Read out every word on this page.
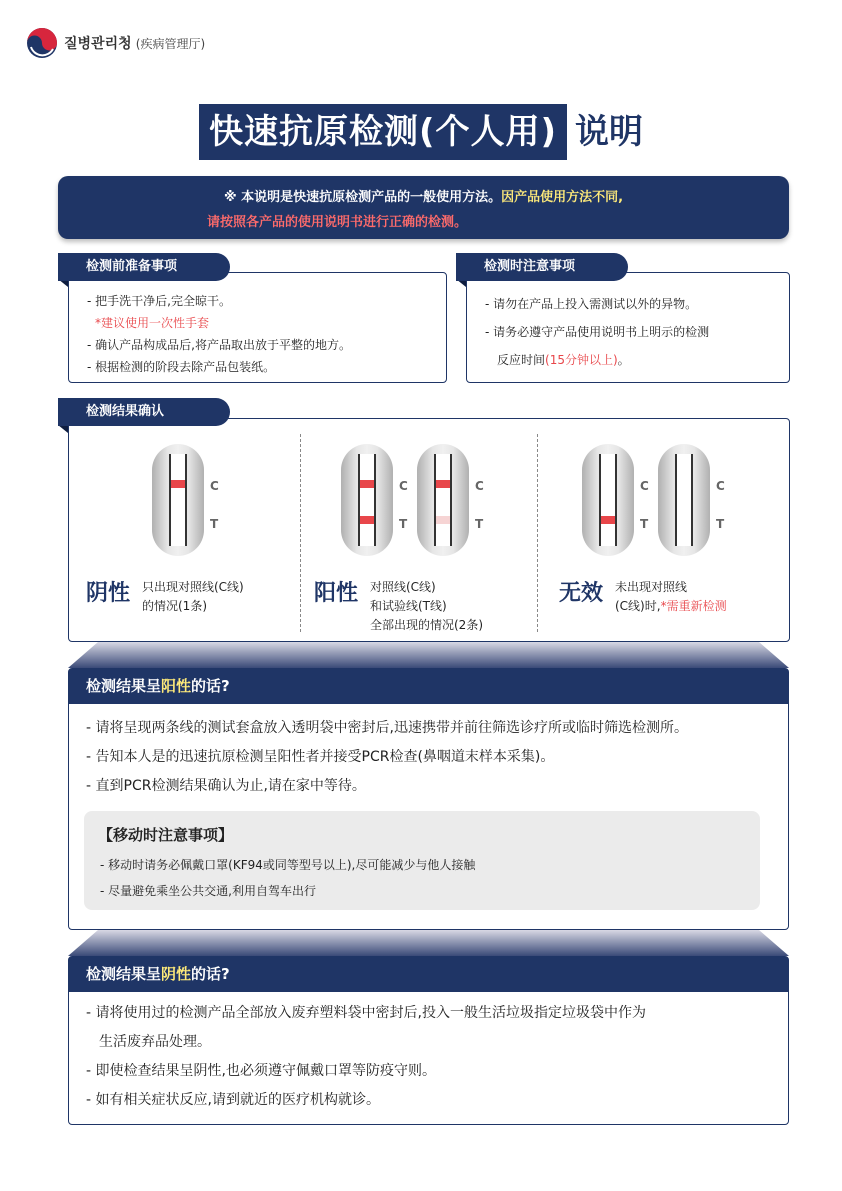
질병관리청 (疾病管理厅)
快速抗原检测(个人用) 说明
※ 本说明是快速抗原检测产品的一般使用方法。因产品使用方法不同,
请按照各产品的使用说明书进行正确的检测。
- 把手洗干净后,完全晾干。
*建议使用一次性手套
- 确认产品构成品后,将产品取出放于平整的地方。
- 根据检测的阶段去除产品包装纸。
检测前准备事项
- 请勿在产品上投入需测试以外的异物。
- 请务必遵守产品使用说明书上明示的检测
反应时间(15分钟以上)。
检测时注意事项
检测结果确认
C
T
C
T
C
T
C
T
C
T
阴性 只出现对照线(C线)
的情况(1条)	阳性 对照线(C线)
和试验线(T线)
全部出现的情况(2条)
无效 未出现对照线
(C线)时,*需重新检测
检测结果呈阳性的话?
- 请将呈现两条线的测试套盒放入透明袋中密封后,迅速携带并前往筛选诊疗所或临时筛选检测所。
- 告知本人是的迅速抗原检测呈阳性者并接受PCR检查(鼻咽道末样本采集)。
- 直到PCR检测结果确认为止,请在家中等待。
【移动时注意事项】
- 移动时请务必佩戴口罩(KF94或同等型号以上),尽可能减少与他人接触
- 尽量避免乘坐公共交通,利用自驾车出行
检测结果呈阴性的话?
- 请将使用过的检测产品全部放入废弃塑料袋中密封后,投入一般生活垃圾指定垃圾袋中作为
生活废弃品处理。
- 即使检查结果呈阴性,也必须遵守佩戴口罩等防疫守则。
- 如有相关症状反应,请到就近的医疗机构就诊。
